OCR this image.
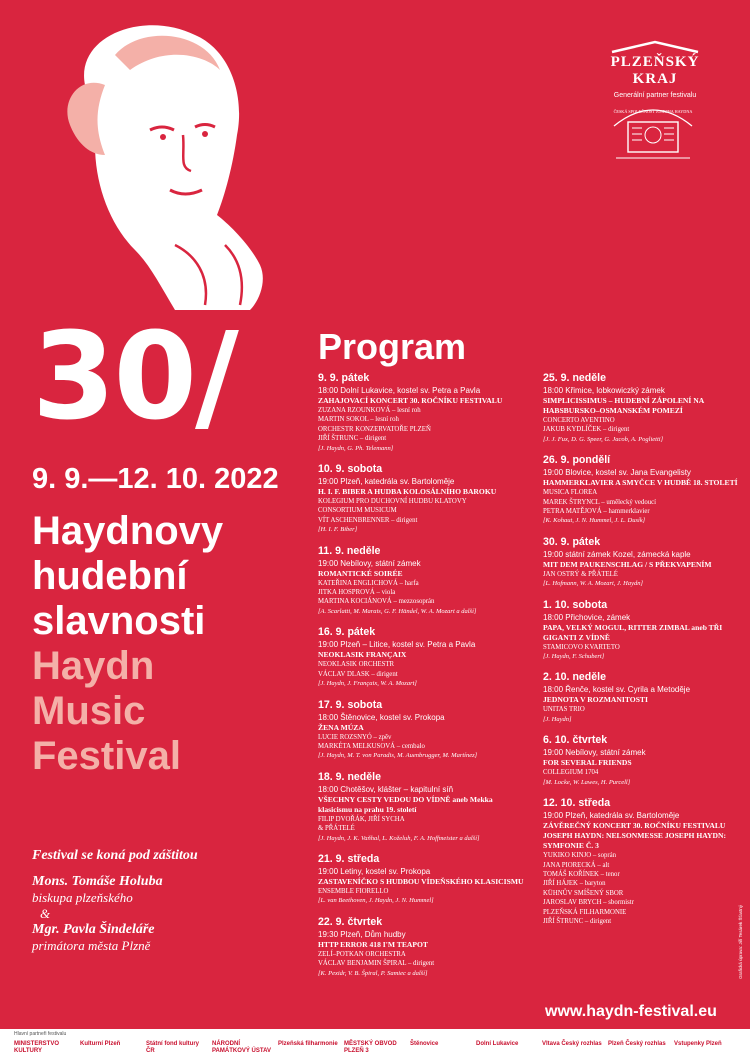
PLZEŇSKÝ KRAJ
Generální partner festivalu
ČESKÁ SPOLEČNOST JOSEPHA HAYDNA
30/
9. 9.—12. 10. 2022
Haydnovy
hudební
slavnosti
Haydn
Music
Festival
Festival se koná pod záštitou
Mons. Tomáše Holuba
biskupa plzeňského
&
Mgr. Pavla Šindeláře
primátora města Plzně
Program
9. 9. pátek
18:00 Dolní Lukavice, kostel sv. Petra a Pavla
ZAHAJOVACÍ KONCERT 30. ROČNÍKU FESTIVALU
ZUZANA RZOUNKOVÁ – lesní roh
MARTIN SOKOL – lesní roh
ORCHESTR KONZERVATOŘE PLZEŇ
JIŘÍ ŠTRUNC – dirigent
[J. Haydn, G. Ph. Telemann]
10. 9. sobota
19:00 Plzeň, katedrála sv. Bartoloměje
H. I. F. BIBER A HUDBA KOLOSÁLNÍHO BAROKU
KOLEGIUM PRO DUCHOVNÍ HUDBU KLATOVY
CONSORTIUM MUSICUM
VÍT ASCHENBRENNER – dirigent
[H. I. F. Biber]
11. 9. neděle
19:00 Nebílovy, státní zámek
ROMANTICKÉ SOIRÉE
KATEŘINA ENGLICHOVÁ – harfa
JITKA HOSPROVÁ – viola
MARTINA KOCIÁNOVÁ – mezzosoprán
[A. Scarlatti, M. Marais, G. F. Händel, W. A. Mozart a další]
16. 9. pátek
19:00 Plzeň – Litice, kostel sv. Petra a Pavla
NEOKLASIK FRANÇAIX
NEOKLASIK ORCHESTR
VÁCLAV DLASK – dirigent
[J. Haydn, J. Françaix, W. A. Mozart]
17. 9. sobota
18:00 Štěnovice, kostel sv. Prokopa
ŽENA MÚZA
LUCIE ROZSNYÓ – zpěv
MARKÉTA MELKUSOVÁ – cembalo
[J. Haydn, M. T. von Paradis, M. Auenbrugger, M. Martínez]
18. 9. neděle
18:00 Chotěšov, klášter – kapitulní síň
VŠECHNY CESTY VEDOU DO VÍDNĚ aneb Mekka klasicismu na prahu 19. století
FILIP DVOŘÁK, JIŘÍ SYCHA
& PŘÁTELÉ
[J. Haydn, J. K. Vaňhal, L. Koželuh, F. A. Hoffmeister a další]
21. 9. středa
19:00 Letiny, kostel sv. Prokopa
ZASTAVENÍČKO S HUDBOU VÍDEŇSKÉHO KLASICISMU
ENSEMBLE FIORELLO
[L. van Beethoven, J. Haydn, J. N. Hummel]
22. 9. čtvrtek
19:30 Plzeň, Dům hudby
HTTP ERROR 418 I'M TEAPOT
ZELÍ–POTKAN ORCHESTRA
VÁCLAV BENJAMIN ŠPIRAL – dirigent
[K. Pexidr, V. B. Špiral, P. Samiec a další]
25. 9. neděle
18:00 Křimice, lobkowiczký zámek
SIMPLICISSIMUS – HUDEBNÍ ZÁPOLENÍ NA HABSBURSKO–OSMANSKÉM POMEZÍ
CONCERTO AVENTINO
JAKUB KYDLÍČEK – dirigent
[J. J. Fux, D. G. Speer, G. Jacob, A. Poglietti]
26. 9. pondělí
19:00 Blovice, kostel sv. Jana Evangelisty
HAMMERKLAVIER A SMYČCE V HUDBĚ 18. STOLETÍ
MUSICA FLOREA
MAREK ŠTRYNCL – umělecký vedoucí
PETRA MATĚJOVÁ – hammerklavier
[K. Kohaut, J. N. Hummel, J. L. Dusík]
30. 9. pátek
19:00 státní zámek Kozel, zámecká kaple
MIT DEM PAUKENSCHLAG / S PŘEKVAPENÍM
JAN OSTRÝ & PŘÁTELÉ
[L. Hofmann, W. A. Mozart, J. Haydn]
1. 10. sobota
18:00 Přichovice, zámek
PAPA, VELKÝ MOGUL, RITTER ZIMBAL aneb TŘI GIGANTI Z VÍDNĚ
STAMICOVO KVARTETO
[J. Haydn, F. Schubert]
2. 10. neděle
18:00 Řenče, kostel sv. Cyrila a Metoděje
JEDNOTA V ROZMANITOSTI
UNITAS TRIO
[J. Haydn]
6. 10. čtvrtek
19:00 Nebílovy, státní zámek
FOR SEVERAL FRIENDS
COLLEGIUM 1704
[M. Locke, W. Lawes, H. Purcell]
12. 10. středa
19:00 Plzeň, katedrála sv. Bartoloměje
ZÁVĚREČNÝ KONCERT 30. ROČNÍKU FESTIVALU JOSEPH HAYDN: NELSONMESSE JOSEPH HAYDN: SYMFONIE Č. 3
YUKIKO KINJO – soprán
JANA PIORECKÁ – alt
TOMÁŠ KOŘÍNEK – tenor
JIŘÍ HÁJEK – baryton
KÜHNŮV SMÍŠENÝ SBOR
JAROSLAV BRYCH – sbormistr
PLZEŇSKÁ FILHARMONIE
JIŘÍ ŠTRUNC – dirigent
www.haydn-festival.eu
Grafická úprava: Jiří Tesárek Šťastný
Hlavní partneři festivalu
MINISTERSTVO KULTURY
Kulturní Plzeň	Státní fond kultury ČR
NÁRODNÍ PAMÁTKOVÝ ÚSTAV
Plzeňská filharmonie MĚSTSKÝ OBVOD PLZEŇ 3
Štěnovice	Dolní Lukavice	Vltava Český rozhlas Plzeň Český rozhlas	Vstupenky Plzeň
